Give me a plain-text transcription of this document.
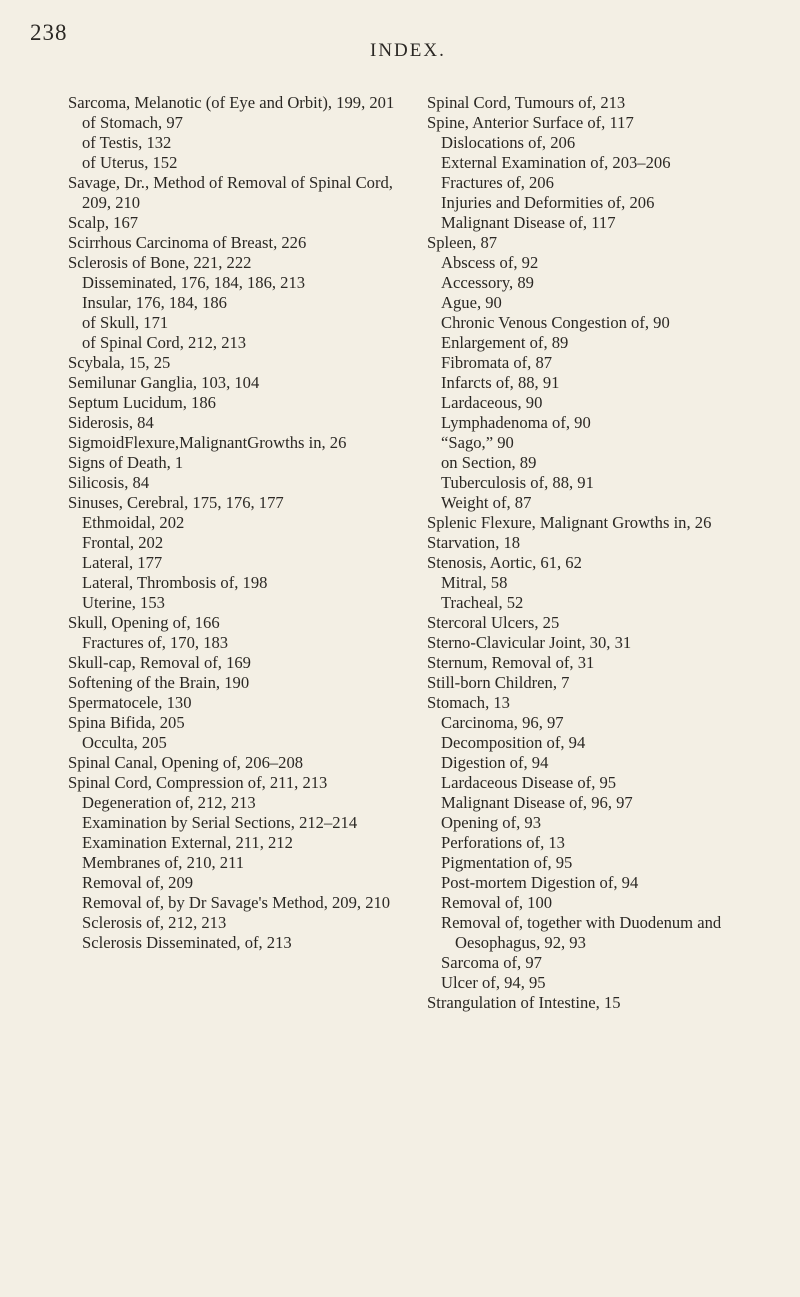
238
INDEX.
Sarcoma, Melanotic (of Eye and Orbit), 199, 201
of Stomach, 97
of Testis, 132
of Uterus, 152
Savage, Dr., Method of Removal of Spinal Cord, 209, 210
Scalp, 167
Scirrhous Carcinoma of Breast, 226
Sclerosis of Bone, 221, 222
Disseminated, 176, 184, 186, 213
Insular, 176, 184, 186
of Skull, 171
of Spinal Cord, 212, 213
Scybala, 15, 25
Semilunar Ganglia, 103, 104
Septum Lucidum, 186
Siderosis, 84
SigmoidFlexure,MalignantGrowths in, 26
Signs of Death, 1
Silicosis, 84
Sinuses, Cerebral, 175, 176, 177
Ethmoidal, 202
Frontal, 202
Lateral, 177
Lateral, Thrombosis of, 198
Uterine, 153
Skull, Opening of, 166
Fractures of, 170, 183
Skull-cap, Removal of, 169
Softening of the Brain, 190
Spermatocele, 130
Spina Bifida, 205
Occulta, 205
Spinal Canal, Opening of, 206–208
Spinal Cord, Compression of, 211, 213
Degeneration of, 212, 213
Examination by Serial Sections, 212–214
Examination External, 211, 212
Membranes of, 210, 211
Removal of, 209
Removal of, by Dr Savage's Method, 209, 210
Sclerosis of, 212, 213
Sclerosis Disseminated, of, 213
Spinal Cord, Tumours of, 213
Spine, Anterior Surface of, 117
Dislocations of, 206
External Examination of, 203–206
Fractures of, 206
Injuries and Deformities of, 206
Malignant Disease of, 117
Spleen, 87
Abscess of, 92
Accessory, 89
Ague, 90
Chronic Venous Congestion of, 90
Enlargement of, 89
Fibromata of, 87
Infarcts of, 88, 91
Lardaceous, 90
Lymphadenoma of, 90
“Sago,” 90
on Section, 89
Tuberculosis of, 88, 91
Weight of, 87
Splenic Flexure, Malignant Growths in, 26
Starvation, 18
Stenosis, Aortic, 61, 62
Mitral, 58
Tracheal, 52
Stercoral Ulcers, 25
Sterno-Clavicular Joint, 30, 31
Sternum, Removal of, 31
Still-born Children, 7
Stomach, 13
Carcinoma, 96, 97
Decomposition of, 94
Digestion of, 94
Lardaceous Disease of, 95
Malignant Disease of, 96, 97
Opening of, 93
Perforations of, 13
Pigmentation of, 95
Post-mortem Digestion of, 94
Removal of, 100
Removal of, together with Duodenum and Oesophagus, 92, 93
Sarcoma of, 97
Ulcer of, 94, 95
Strangulation of Intestine, 15
